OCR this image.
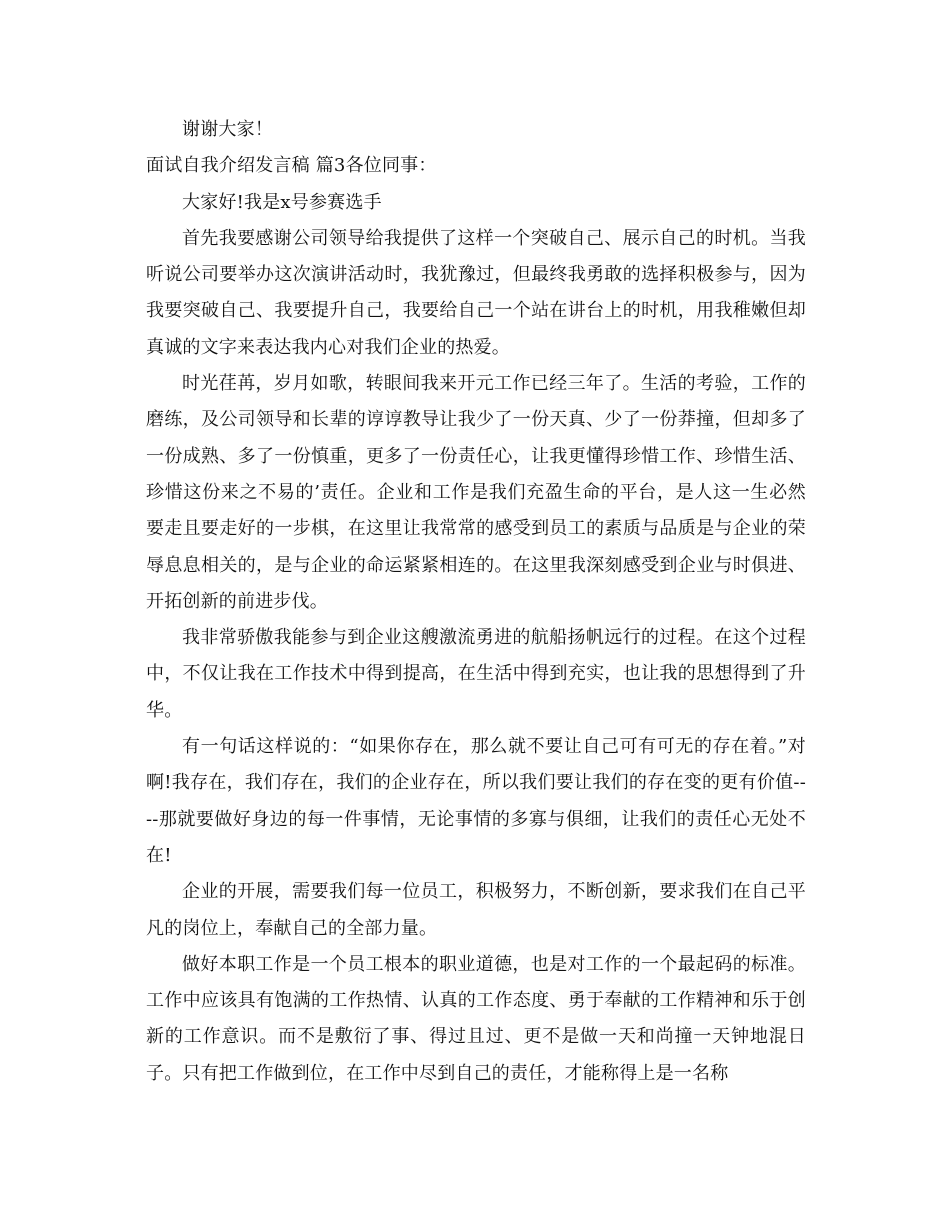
谢谢大家！

面试自我介绍发言稿 篇3各位同事：

大家好!我是x号参赛选手

首先我要感谢公司领导给我提供了这样一个突破自己、展示自己的时机。当我听说公司要举办这次演讲活动时，我犹豫过，但最终我勇敢的选择积极参与，因为我要突破自己、我要提升自己，我要给自己一个站在讲台上的时机，用我稚嫩但却真诚的文字来表达我内心对我们企业的热爱。

时光荏苒，岁月如歌，转眼间我来开元工作已经三年了。生活的考验，工作的磨练，及公司领导和长辈的谆谆教导让我少了一份天真、少了一份莽撞，但却多了一份成熟、多了一份慎重，更多了一份责任心，让我更懂得珍惜工作、珍惜生活、珍惜这份来之不易的’责任。企业和工作是我们充盈生命的平台，是人这一生必然要走且要走好的一步棋，在这里让我常常的感受到员工的素质与品质是与企业的荣辱息息相关的，是与企业的命运紧紧相连的。在这里我深刻感受到企业与时俱进、开拓创新的前进步伐。

我非常骄傲我能参与到企业这艘激流勇进的航船扬帆远行的过程。在这个过程中，不仅让我在工作技术中得到提高，在生活中得到充实，也让我的思想得到了升华。

有一句话这样说的：“如果你存在，那么就不要让自己可有可无的存在着。”对啊!我存在，我们存在，我们的企业存在，所以我们要让我们的存在变的更有价值----那就要做好身边的每一件事情，无论事情的多寡与俱细，让我们的责任心无处不在!

企业的开展，需要我们每一位员工，积极努力，不断创新，要求我们在自己平凡的岗位上，奉献自己的全部力量。

做好本职工作是一个员工根本的职业道德，也是对工作的一个最起码的标准。工作中应该具有饱满的工作热情、认真的工作态度、勇于奉献的工作精神和乐于创新的工作意识。而不是敷衍了事、得过且过、更不是做一天和尚撞一天钟地混日子。只有把工作做到位，在工作中尽到自己的责任，才能称得上是一名称
